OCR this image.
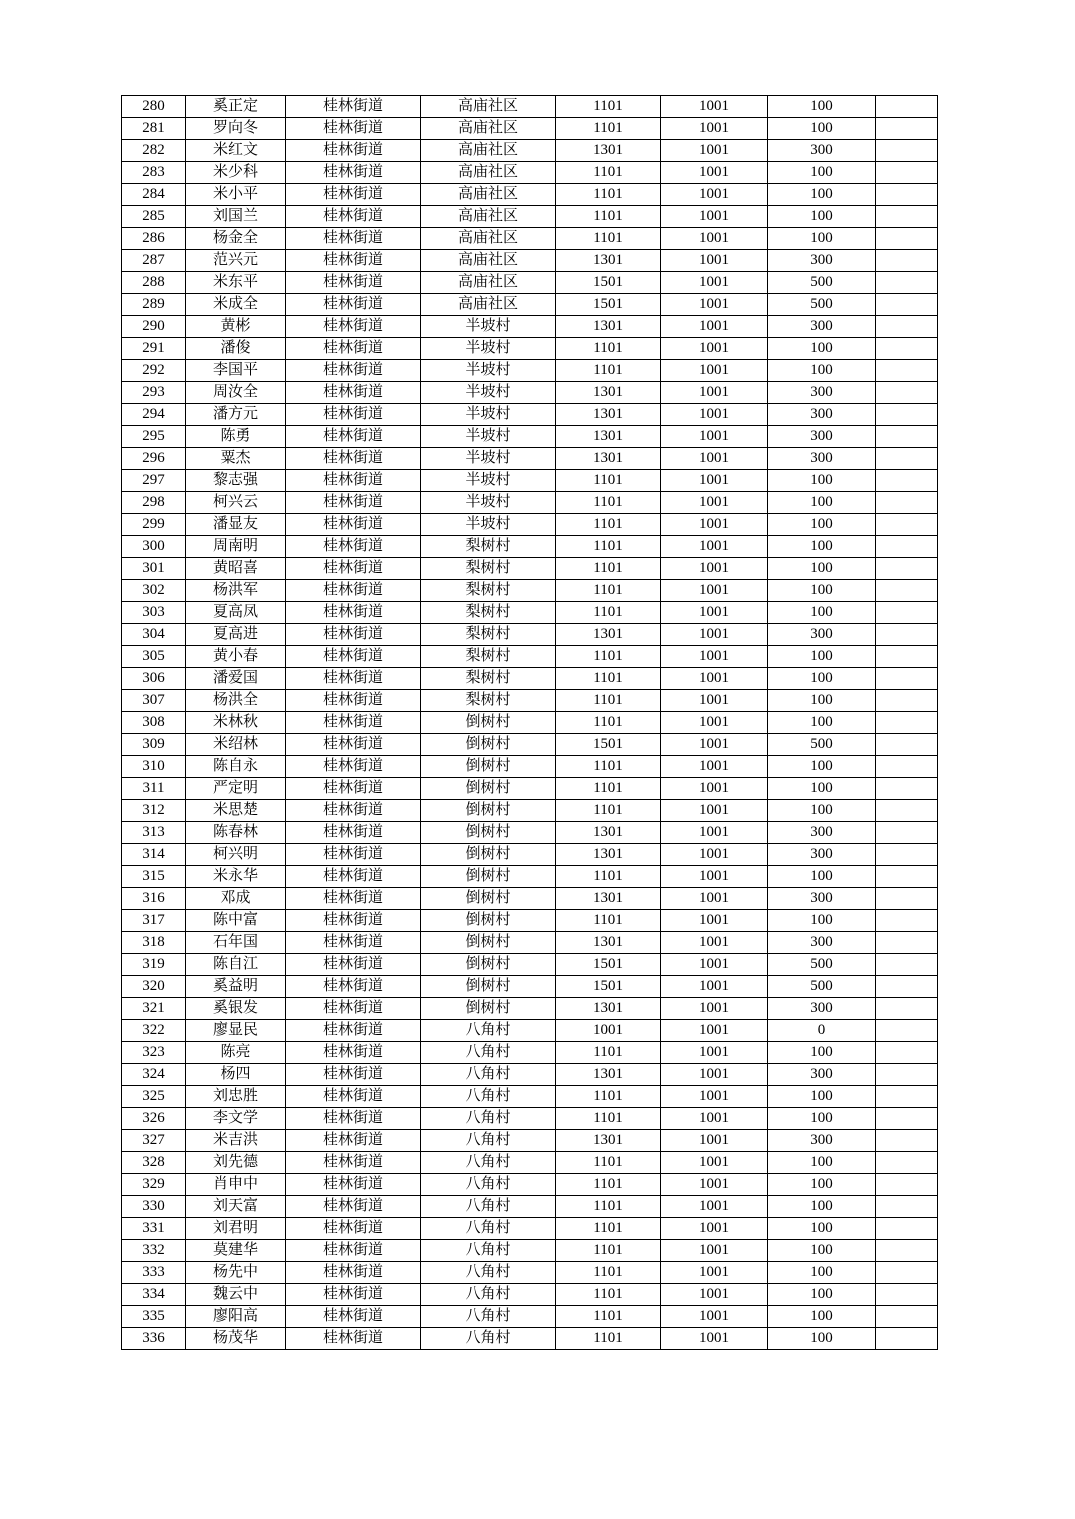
280	奚正定	桂林街道	高庙社区	1101	1001	100	
281	罗向冬	桂林街道	高庙社区	1101	1001	100	
282	米红文	桂林街道	高庙社区	1301	1001	300	
283	米少科	桂林街道	高庙社区	1101	1001	100	
284	米小平	桂林街道	高庙社区	1101	1001	100	
285	刘国兰	桂林街道	高庙社区	1101	1001	100	
286	杨金全	桂林街道	高庙社区	1101	1001	100	
287	范兴元	桂林街道	高庙社区	1301	1001	300	
288	米东平	桂林街道	高庙社区	1501	1001	500	
289	米成全	桂林街道	高庙社区	1501	1001	500	
290	黄彬	桂林街道	半坡村	1301	1001	300	
291	潘俊	桂林街道	半坡村	1101	1001	100	
292	李国平	桂林街道	半坡村	1101	1001	100	
293	周汝全	桂林街道	半坡村	1301	1001	300	
294	潘方元	桂林街道	半坡村	1301	1001	300	
295	陈勇	桂林街道	半坡村	1301	1001	300	
296	粟杰	桂林街道	半坡村	1301	1001	300	
297	黎志强	桂林街道	半坡村	1101	1001	100	
298	柯兴云	桂林街道	半坡村	1101	1001	100	
299	潘显友	桂林街道	半坡村	1101	1001	100	
300	周南明	桂林街道	梨树村	1101	1001	100	
301	黄昭喜	桂林街道	梨树村	1101	1001	100	
302	杨洪军	桂林街道	梨树村	1101	1001	100	
303	夏高凤	桂林街道	梨树村	1101	1001	100	
304	夏高进	桂林街道	梨树村	1301	1001	300	
305	黄小春	桂林街道	梨树村	1101	1001	100	
306	潘爱国	桂林街道	梨树村	1101	1001	100	
307	杨洪全	桂林街道	梨树村	1101	1001	100	
308	米林秋	桂林街道	倒树村	1101	1001	100	
309	米绍林	桂林街道	倒树村	1501	1001	500	
310	陈自永	桂林街道	倒树村	1101	1001	100	
311	严定明	桂林街道	倒树村	1101	1001	100	
312	米思楚	桂林街道	倒树村	1101	1001	100	
313	陈春林	桂林街道	倒树村	1301	1001	300	
314	柯兴明	桂林街道	倒树村	1301	1001	300	
315	米永华	桂林街道	倒树村	1101	1001	100	
316	邓成	桂林街道	倒树村	1301	1001	300	
317	陈中富	桂林街道	倒树村	1101	1001	100	
318	石年国	桂林街道	倒树村	1301	1001	300	
319	陈自江	桂林街道	倒树村	1501	1001	500	
320	奚益明	桂林街道	倒树村	1501	1001	500	
321	奚银发	桂林街道	倒树村	1301	1001	300	
322	廖显民	桂林街道	八角村	1001	1001	0	
323	陈亮	桂林街道	八角村	1101	1001	100	
324	杨四	桂林街道	八角村	1301	1001	300	
325	刘忠胜	桂林街道	八角村	1101	1001	100	
326	李文学	桂林街道	八角村	1101	1001	100	
327	米吉洪	桂林街道	八角村	1301	1001	300	
328	刘先德	桂林街道	八角村	1101	1001	100	
329	肖申中	桂林街道	八角村	1101	1001	100	
330	刘天富	桂林街道	八角村	1101	1001	100	
331	刘君明	桂林街道	八角村	1101	1001	100	
332	莫建华	桂林街道	八角村	1101	1001	100	
333	杨先中	桂林街道	八角村	1101	1001	100	
334	魏云中	桂林街道	八角村	1101	1001	100	
335	廖阳高	桂林街道	八角村	1101	1001	100	
336	杨茂华	桂林街道	八角村	1101	1001	100	
